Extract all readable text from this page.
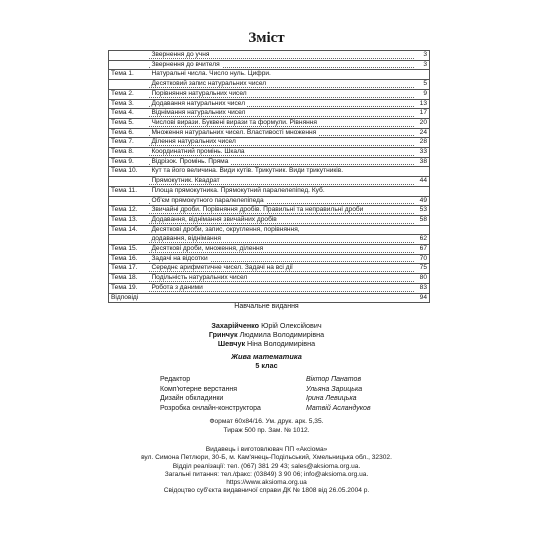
Зміст

Звернення до учня	3

Звернення до вчителя	3
Тема 1.	Натуральні числа. Число нуль. Цифри.	

Десятковий запис натуральних чисел	5
Тема 2.	Порівняння натуральних чисел	9
Тема 3.	Додавання натуральних чисел	13
Тема 4.	Віднімання натуральних чисел	17
Тема 5.	Числові вирази. Буквені вирази та формули. Рівняння	20
Тема 6.	Множення натуральних чисел. Властивості множення	24
Тема 7.	Ділення натуральних чисел	28
Тема 8.	Координатний промінь. Шкала	33
Тема 9.	Відрізок. Промінь. Пряма	38
Тема 10.	Кут та його величина. Види кутів. Трикутник. Види трикутників.	

Прямокутник. Квадрат	44
Тема 11.	Площа прямокутника. Прямокутний паралелепіпед. Куб.	

Об'єм прямокутного паралелепіпеда	49
Тема 12.	Звичайні дроби. Порівняння дробів. Правильні та неправильні дроби	53
Тема 13.	Додавання, віднімання звичайних дробів	58
Тема 14.	Десяткові дроби, запис, округлення, порівняння,	

додавання, віднімання	62
Тема 15.	Десяткові дроби, множення, ділення	67
Тема 16.	Задачі на відсотки	70
Тема 17.	Середнє арифметичне чисел. Задачі на всі дії	75
Тема 18.	Подільність натуральних чисел	80
Тема 19.	Робота з даними	83
Відповіді		94
Навчальне видання
Захарійченко Юрій Олексійович
Гринчук Людмила Володимирівна
Шевчук Ніна Володимирівна
Жива математика
5 клас
Редактор	Віктор Панатов
Комп'ютерне верстання	Ульяна Зарицька
Дизайн обкладинки	Ірина Левицька
Розробка онлайн-конструктора	Матвій Асландуков
Формат 60х84/16. Ум. друк. арк. 5,35.
Тираж 500 пр. Зам. № 1012.
Видавець і виготовлювач ПП «Аксіома»
вул. Симона Петлюри, 30-Б, м. Кам'янець-Подільський, Хмельницька обл., 32302.
Відділ реалізації: тел. (067) 381 29 43; sales@aksioma.org.ua.
Загальні питання: тел./факс: (03849) 3 90 06; info@aksioma.org.ua.
https://www.aksioma.org.ua
Свідоцтво суб'єкта видавничої справи ДК № 1808 від 26.05.2004 р.
